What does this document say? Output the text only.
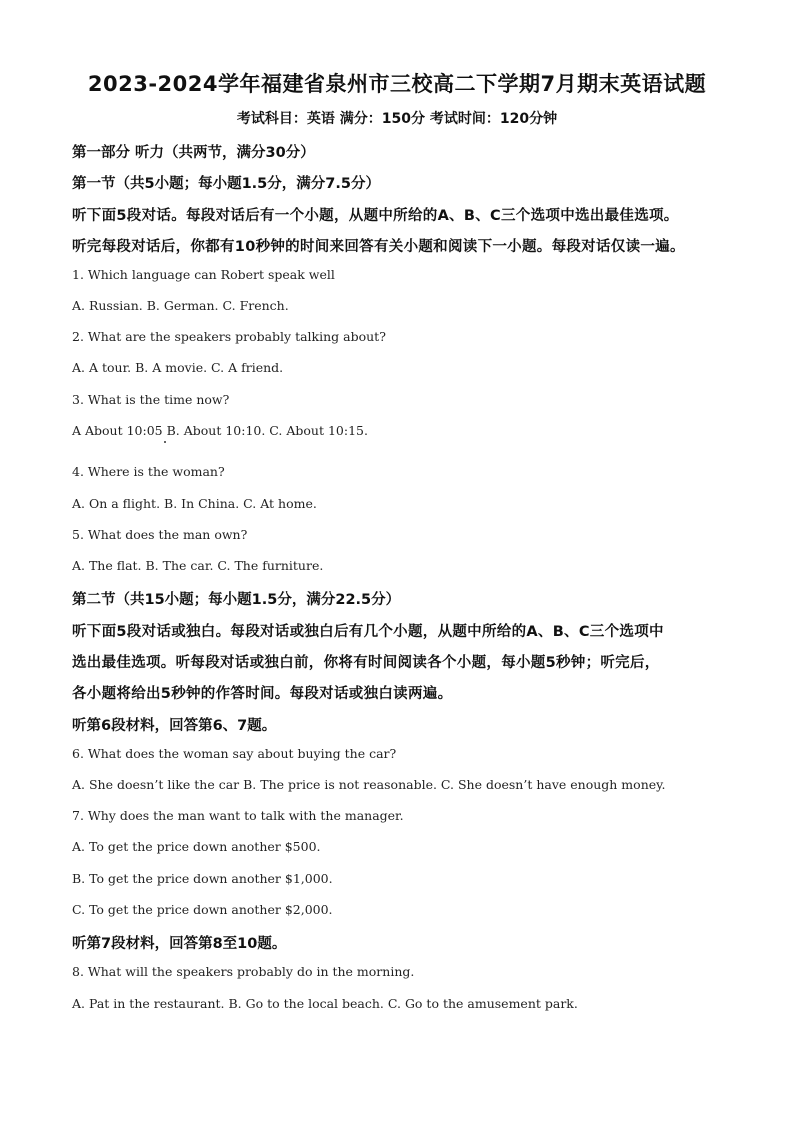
2023-2024学年福建省泉州市三校高二下学期7月期末英语试题
考试科目：英语 满分：150分 考试时间：120分钟
第一部分 听力（共两节，满分30分）
第一节（共5小题；每小题1.5分，满分7.5分）
听下面5段对话。每段对话后有一个小题，从题中所给的A、B、C三个选项中选出最佳选项。
听完每段对话后，你都有10秒钟的时间来回答有关小题和阅读下一小题。每段对话仅读一遍。
1. Which language can Robert speak well
A. Russian. B. German. C. French.
2. What are the speakers probably talking about?
A. A tour. B. A movie. C. A friend.
3. What is the time now?
A About 10:05 B. About 10:10. C. About 10:15.
4. Where is the woman?
A. On a flight. B. In China. C. At home.
5. What does the man own?
A. The flat. B. The car. C. The furniture.
第二节（共15小题；每小题1.5分，满分22.5分）
听下面5段对话或独白。每段对话或独白后有几个小题，从题中所给的A、B、C三个选项中
选出最佳选项。听每段对话或独白前，你将有时间阅读各个小题，每小题5秒钟；听完后，
各小题将给出5秒钟的作答时间。每段对话或独白读两遍。
听第6段材料，回答第6、7题。
6. What does the woman say about buying the car?
A. She doesn’t like the car B. The price is not reasonable. C. She doesn’t have enough money.
7. Why does the man want to talk with the manager.
A. To get the price down another $500.
B. To get the price down another $1,000.
C. To get the price down another $2,000.
听第7段材料，回答第8至10题。
8. What will the speakers probably do in the morning.
A. Pat in the restaurant. B. Go to the local beach. C. Go to the amusement park.
